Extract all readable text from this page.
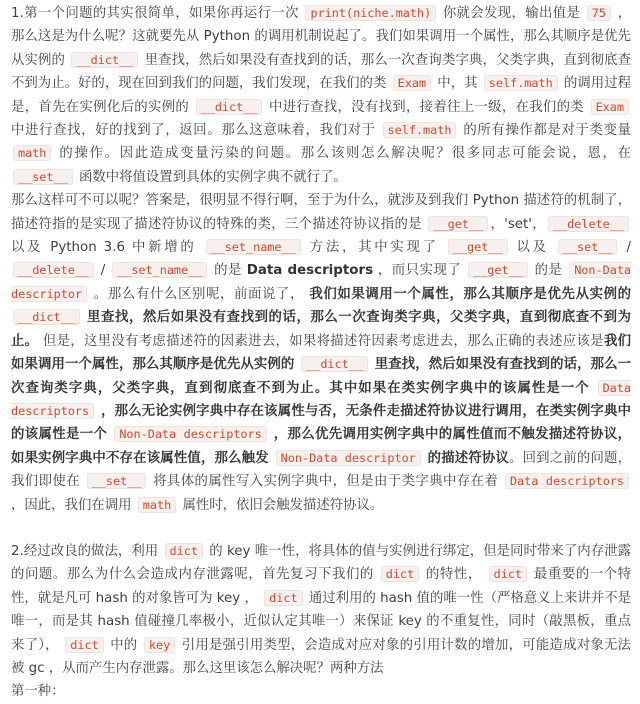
1.第一个问题的其实很简单，如果你再运行一次 print(niche.math) 你就会发现，输出值是 75 ，那么这是为什么呢？这就要先从 Python 的调用机制说起了。我们如果调用一个属性，那么其顺序是优先从实例的 __dict__ 里查找，然后如果没有查找到的话，那么一次查询类字典，父类字典，直到彻底查不到为止。好的，现在回到我们的问题，我们发现，在我们的类 Exam 中，其 self.math 的调用过程是，首先在实例化后的实例的 __dict__ 中进行查找，没有找到，接着往上一级，在我们的类 Exam 中进行查找，好的找到了，返回。那么这意味着，我们对于 self.math 的所有操作都是对于类变量 math 的操作。因此造成变量污染的问题。那么该则怎么解决呢？很多同志可能会说，恩，在 __set__ 函数中将值设置到具体的实例字典不就行了。

那么这样可不可以呢？答案是，很明显不得行啊，至于为什么，就涉及到我们 Python 描述符的机制了，描述符指的是实现了描述符协议的特殊的类，三个描述符协议指的是 __get__ ，'set'， __delete__ 以及 Python 3.6 中新增的 __set_name__ 方法，其中实现了 __get__ 以及 __set__ / __delete__ / __set_name__ 的是 Data descriptors ，而只实现了 __get__ 的是 Non-Data descriptor 。那么有什么区别呢，前面说了， 我们如果调用一个属性，那么其顺序是优先从实例的 __dict__ 里查找，然后如果没有查找到的话，那么一次查询类字典，父类字典，直到彻底查不到为止。 但是，这里没有考虑描述符的因素进去，如果将描述符因素考虑进去，那么正确的表述应该是我们如果调用一个属性，那么其顺序是优先从实例的 __dict__ 里查找，然后如果没有查找到的话，那么一次查询类字典，父类字典，直到彻底查不到为止。其中如果在类实例字典中的该属性是一个 Data descriptors ，那么无论实例字典中存在该属性与否，无条件走描述符协议进行调用，在类实例字典中的该属性是一个 Non-Data descriptors ，那么优先调用实例字典中的属性值而不触发描述符协议，如果实例字典中不存在该属性值，那么触发 Non-Data descriptor 的描述符协议。回到之前的问题，我们即使在 __set__ 将具体的属性写入实例字典中，但是由于类字典中存在着 Data descriptors ，因此，我们在调用 math 属性时，依旧会触发描述符协议。

2.经过改良的做法，利用 dict 的 key 唯一性，将具体的值与实例进行绑定，但是同时带来了内存泄露的问题。那么为什么会造成内存泄露呢，首先复习下我们的 dict 的特性， dict 最重要的一个特性，就是凡可 hash 的对象皆可为 key ， dict 通过利用的 hash 值的唯一性（严格意义上来讲并不是唯一，而是其 hash 值碰撞几率极小，近似认定其唯一）来保证 key 的不重复性，同时（敲黑板，重点来了）， dict 中的 key 引用是强引用类型，会造成对应对象的引用计数的增加，可能造成对象无法被 gc ，从而产生内存泄露。那么这里该怎么解决呢？两种方法

第一种：
